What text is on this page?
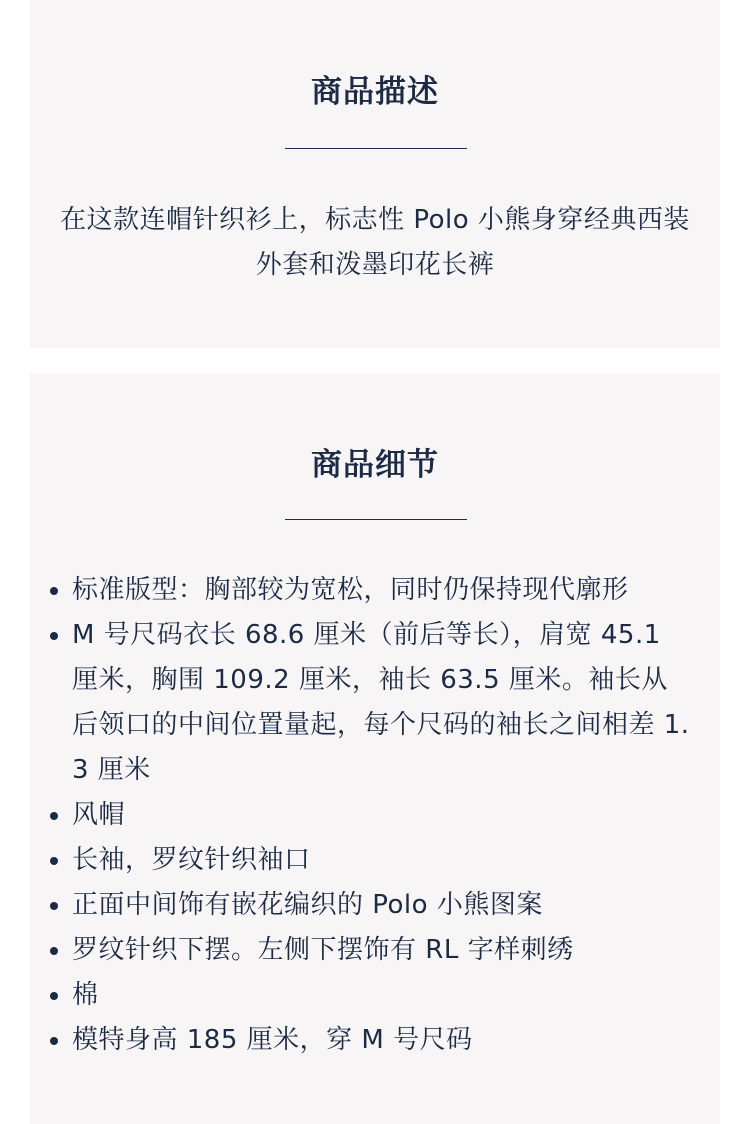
商品描述

在这款连帽针织衫上，标志性 Polo 小熊身穿经典西装外套和泼墨印花长裤

商品细节
标准版型：胸部较为宽松，同时仍保持现代廓形
M 号尺码衣长 68.6 厘米（前后等长），肩宽 45.1 厘米，胸围 109.2 厘米，袖长 63.5 厘米。袖长从后领口的中间位置量起，每个尺码的袖长之间相差 1.3 厘米
风帽
长袖，罗纹针织袖口
正面中间饰有嵌花编织的 Polo 小熊图案
罗纹针织下摆。左侧下摆饰有 RL 字样刺绣
棉
模特身高 185 厘米，穿 M 号尺码
